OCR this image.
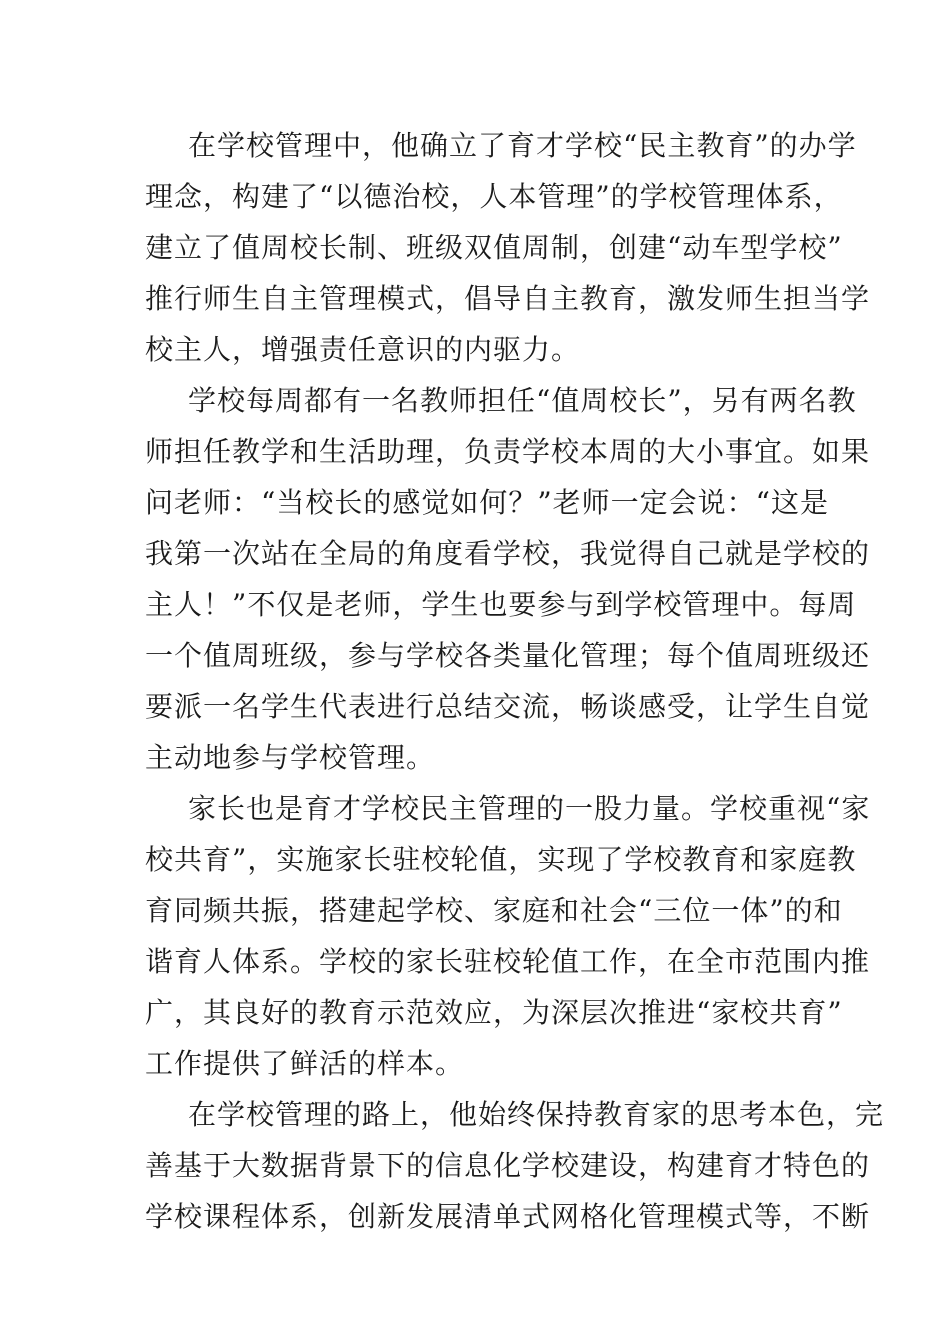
在学校管理中，他确立了育才学校“民主教育”的办学
理念，构建了“以德治校，人本管理”的学校管理体系，
建立了值周校长制、班级双值周制，创建“动车型学校”
推行师生自主管理模式，倡导自主教育，激发师生担当学
校主人，增强责任意识的内驱力。
学校每周都有一名教师担任“值周校长”，另有两名教
师担任教学和生活助理，负责学校本周的大小事宜。如果
问老师：“当校长的感觉如何？”老师一定会说：“这是
我第一次站在全局的角度看学校，我觉得自己就是学校的
主人！”不仅是老师，学生也要参与到学校管理中。每周
一个值周班级，参与学校各类量化管理；每个值周班级还
要派一名学生代表进行总结交流，畅谈感受，让学生自觉
主动地参与学校管理。
家长也是育才学校民主管理的一股力量。学校重视“家
校共育”，实施家长驻校轮值，实现了学校教育和家庭教
育同频共振，搭建起学校、家庭和社会“三位一体”的和
谐育人体系。学校的家长驻校轮值工作，在全市范围内推
广，其良好的教育示范效应，为深层次推进“家校共育”
工作提供了鲜活的样本。
在学校管理的路上，他始终保持教育家的思考本色，完
善基于大数据背景下的信息化学校建设，构建育才特色的
学校课程体系，创新发展清单式网格化管理模式等，不断
